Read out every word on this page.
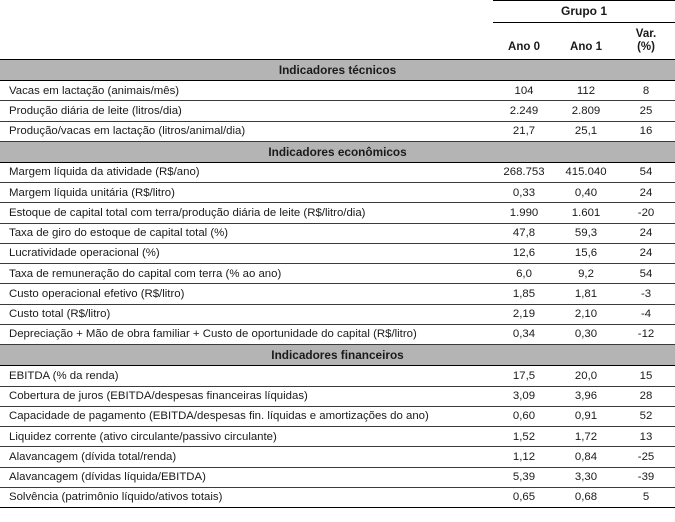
	Grupo 1		
	Ano 0	Ano 1	Var.
(%)

Indicadores técnicos			
Vacas em lactação (animais/mês)	104	112	8
Produção diária de leite (litros/dia)	2.249	2.809	25
Produção/vacas em lactação (litros/animal/dia)	21,7	25,1	16
Indicadores econômicos			
Margem líquida da atividade (R$/ano)	268.753	415.040	54
Margem líquida unitária (R$/litro)	0,33	0,40	24
Estoque de capital total com terra/produção diária de leite (R$/litro/dia)	1.990	1.601	-20
Taxa de giro do estoque de capital total (%)	47,8	59,3	24
Lucratividade operacional (%)	12,6	15,6	24
Taxa de remuneração do capital com terra (% ao ano)	6,0	9,2	54
Custo operacional efetivo (R$/litro)	1,85	1,81	-3
Custo total (R$/litro)	2,19	2,10	-4
Depreciação + Mão de obra familiar + Custo de oportunidade do capital (R$/litro)	0,34	0,30	-12
Indicadores financeiros			
EBITDA (% da renda)	17,5	20,0	15
Cobertura de juros (EBITDA/despesas financeiras líquidas)	3,09	3,96	28
Capacidade de pagamento (EBITDA/despesas fin. líquidas e amortizações do ano)	0,60	0,91	52
Liquidez corrente (ativo circulante/passivo circulante)	1,52	1,72	13
Alavancagem (dívida total/renda)	1,12	0,84	-25
Alavancagem (dívidas líquida/EBITDA)	5,39	3,30	-39
Solvência (patrimônio líquido/ativos totais)	0,65	0,68	5
